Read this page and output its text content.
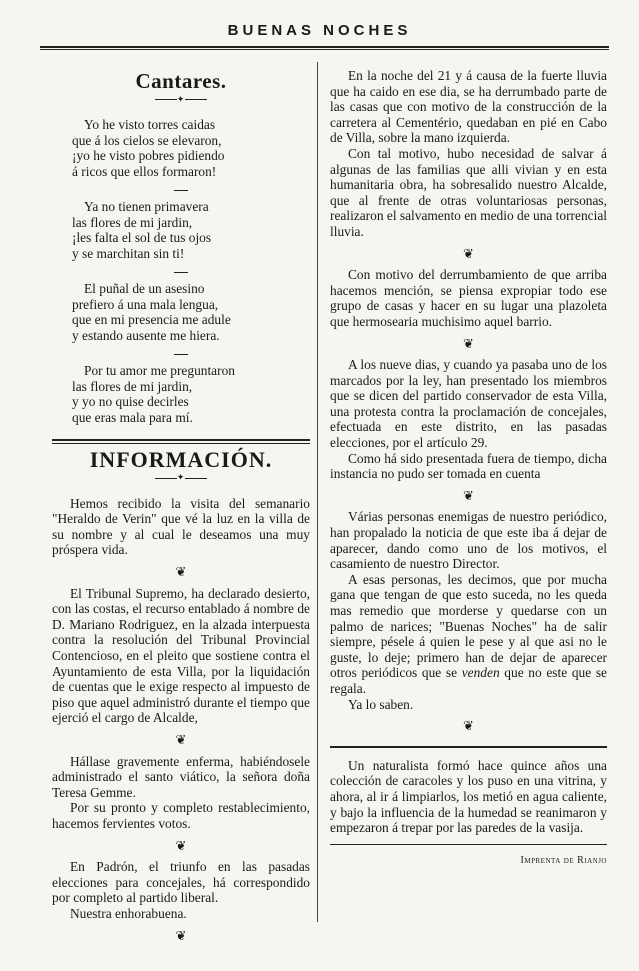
BUENAS NOCHES
Cantares.
✦
Yo he visto torres caidas
que á los cielos se elevaron,
¡yo he visto pobres pidiendo
á ricos que ellos formaron!
Ya no tienen primavera
las flores de mi jardin,
¡les falta el sol de tus ojos
y se marchitan sin ti!
El puñal de un asesino
prefiero á una mala lengua,
que en mi presencia me adule
y estando ausente me hiera.
Por tu amor me preguntaron
las flores de mi jardin,
y yo no quise decirles
que eras mala para mí.
INFORMACIÓN.
✦

Hemos recibido la visita del semanario "Heraldo de Verin" que vé la luz en la villa de su nombre y al cual le deseamos una muy próspera vida.

❦

El Tribunal Supremo, ha declarado desierto, con las costas, el recurso entablado á nombre de D. Mariano Rodriguez, en la alzada interpuesta contra la resolución del Tribunal Provincial Contencioso, en el pleito que sostiene contra el Ayuntamiento de esta Villa, por la liquidación de cuentas que le exige respecto al impuesto de piso que aquel administró durante el tiempo que ejerció el cargo de Alcalde,

❦

Hállase gravemente enferma, habiéndosele administrado el santo viático, la señora doña Teresa Gemme.

Por su pronto y completo restablecimiento, hacemos fervientes votos.

❦

En Padrón, el triunfo en las pasadas elecciones para concejales, há correspondido por completo al partido liberal.

Nuestra enhorabuena.

❦

En la noche del 21 y á causa de la fuerte lluvia que ha caido en ese dia, se ha derrumbado parte de las casas que con motivo de la construcción de la carretera al Cementério, quedaban en pié en Cabo de Villa, sobre la mano izquierda.

Con tal motivo, hubo necesidad de salvar á algunas de las familias que alli vivian y en esta humanitaria obra, ha sobresalido nuestro Alcalde, que al frente de otras voluntariosas personas, realizaron el salvamento en medio de una torrencial lluvia.

❦

Con motivo del derrumbamiento de que arriba hacemos mención, se piensa expropiar todo ese grupo de casas y hacer en su lugar una plazoleta que hermosearia muchisimo aquel barrio.

❦

A los nueve dias, y cuando ya pasaba uno de los marcados por la ley, han presentado los miembros que se dicen del partido conservador de esta Villa, una protesta contra la proclamación de concejales, efectuada en este distrito, en las pasadas elecciones, por el artículo 29.

Como há sido presentada fuera de tiempo, dicha instancia no pudo ser tomada en cuenta

❦

Várias personas enemigas de nuestro periódico, han propalado la noticia de que este iba á dejar de aparecer, dando como uno de los motivos, el casamiento de nuestro Director.

A esas personas, les decimos, que por mucha gana que tengan de que esto suceda, no les queda mas remedio que morderse y quedarse con un palmo de narices; "Buenas Noches" ha de salir siempre, pésele á quien le pese y al que asi no le guste, lo deje; primero han de dejar de aparecer otros periódicos que se venden que no este que se regala.

Ya lo saben.

❦

Un naturalista formó hace quince años una colección de caracoles y los puso en una vitrina, y ahora, al ir á limpiarlos, los metió en agua caliente, y bajo la influencia de la humedad se reanimaron y empezaron á trepar por las paredes de la vasija.

Imprenta de Rianjo
